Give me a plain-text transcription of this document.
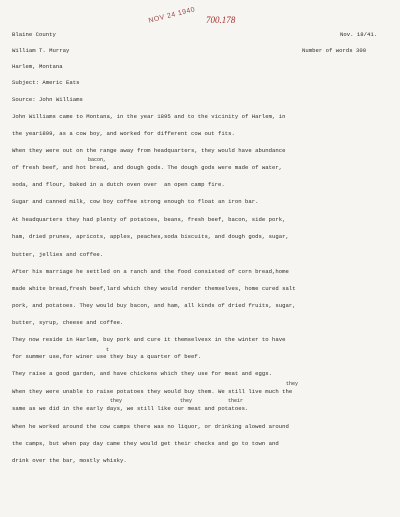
NOV 24 1940 700.178
Blaine County	Nov. 18/41.
William T. Murray	Number of words 300
Harlem, Montana
Subject: Americ Eats
Source: John Williams
John Williams came to Montana, in the year 1895 and to the vicinity of Harlem, in
the year1899, as a cow boy, and worked for different cow out fits.
When they were out on the range away from headquarters, they would have abundance
bacon,
of fresh beef, and hot bread, and dough gods. The dough gods were made of water,
soda, and flour, baked in a dutch oven over  an open camp fire.
Sugar and canned milk, cow boy coffee strong enough to float an iron bar.
At headquarters they had plenty of potatoes, beans, fresh beef, bacon, side pork,
ham, dried prunes, apricots, apples, peaches,soda biscuits, and dough gods, sugar,
butter, jellies and coffee.
After his marriage he settled on a ranch and the food consisted of corn bread,home
made white bread,fresh beef,lard which they would render themselves, home cured salt
pork, and potatoes. They would buy bacon, and ham, all kinds of dried fruits, sugar,
butter, syrup, cheese and coffee.
They now reside in Harlem, buy pork and cure it themselvesx in the winter to have
t
for summer use,for winer use they buy a quarter of beef.
They raise a good garden, and have chickens which they use for meat and eggs.
they
When they were unable to raise potatoes they would buy them. We still live much the
they	they	their
same as we did in the early days, we still like our meat and potatoes.
When he worked around the cow camps there was no liquor, or drinking alowed around
the camps, but when pay day came they would get their checks and go to town and
drink over the bar, mostly whisky.
